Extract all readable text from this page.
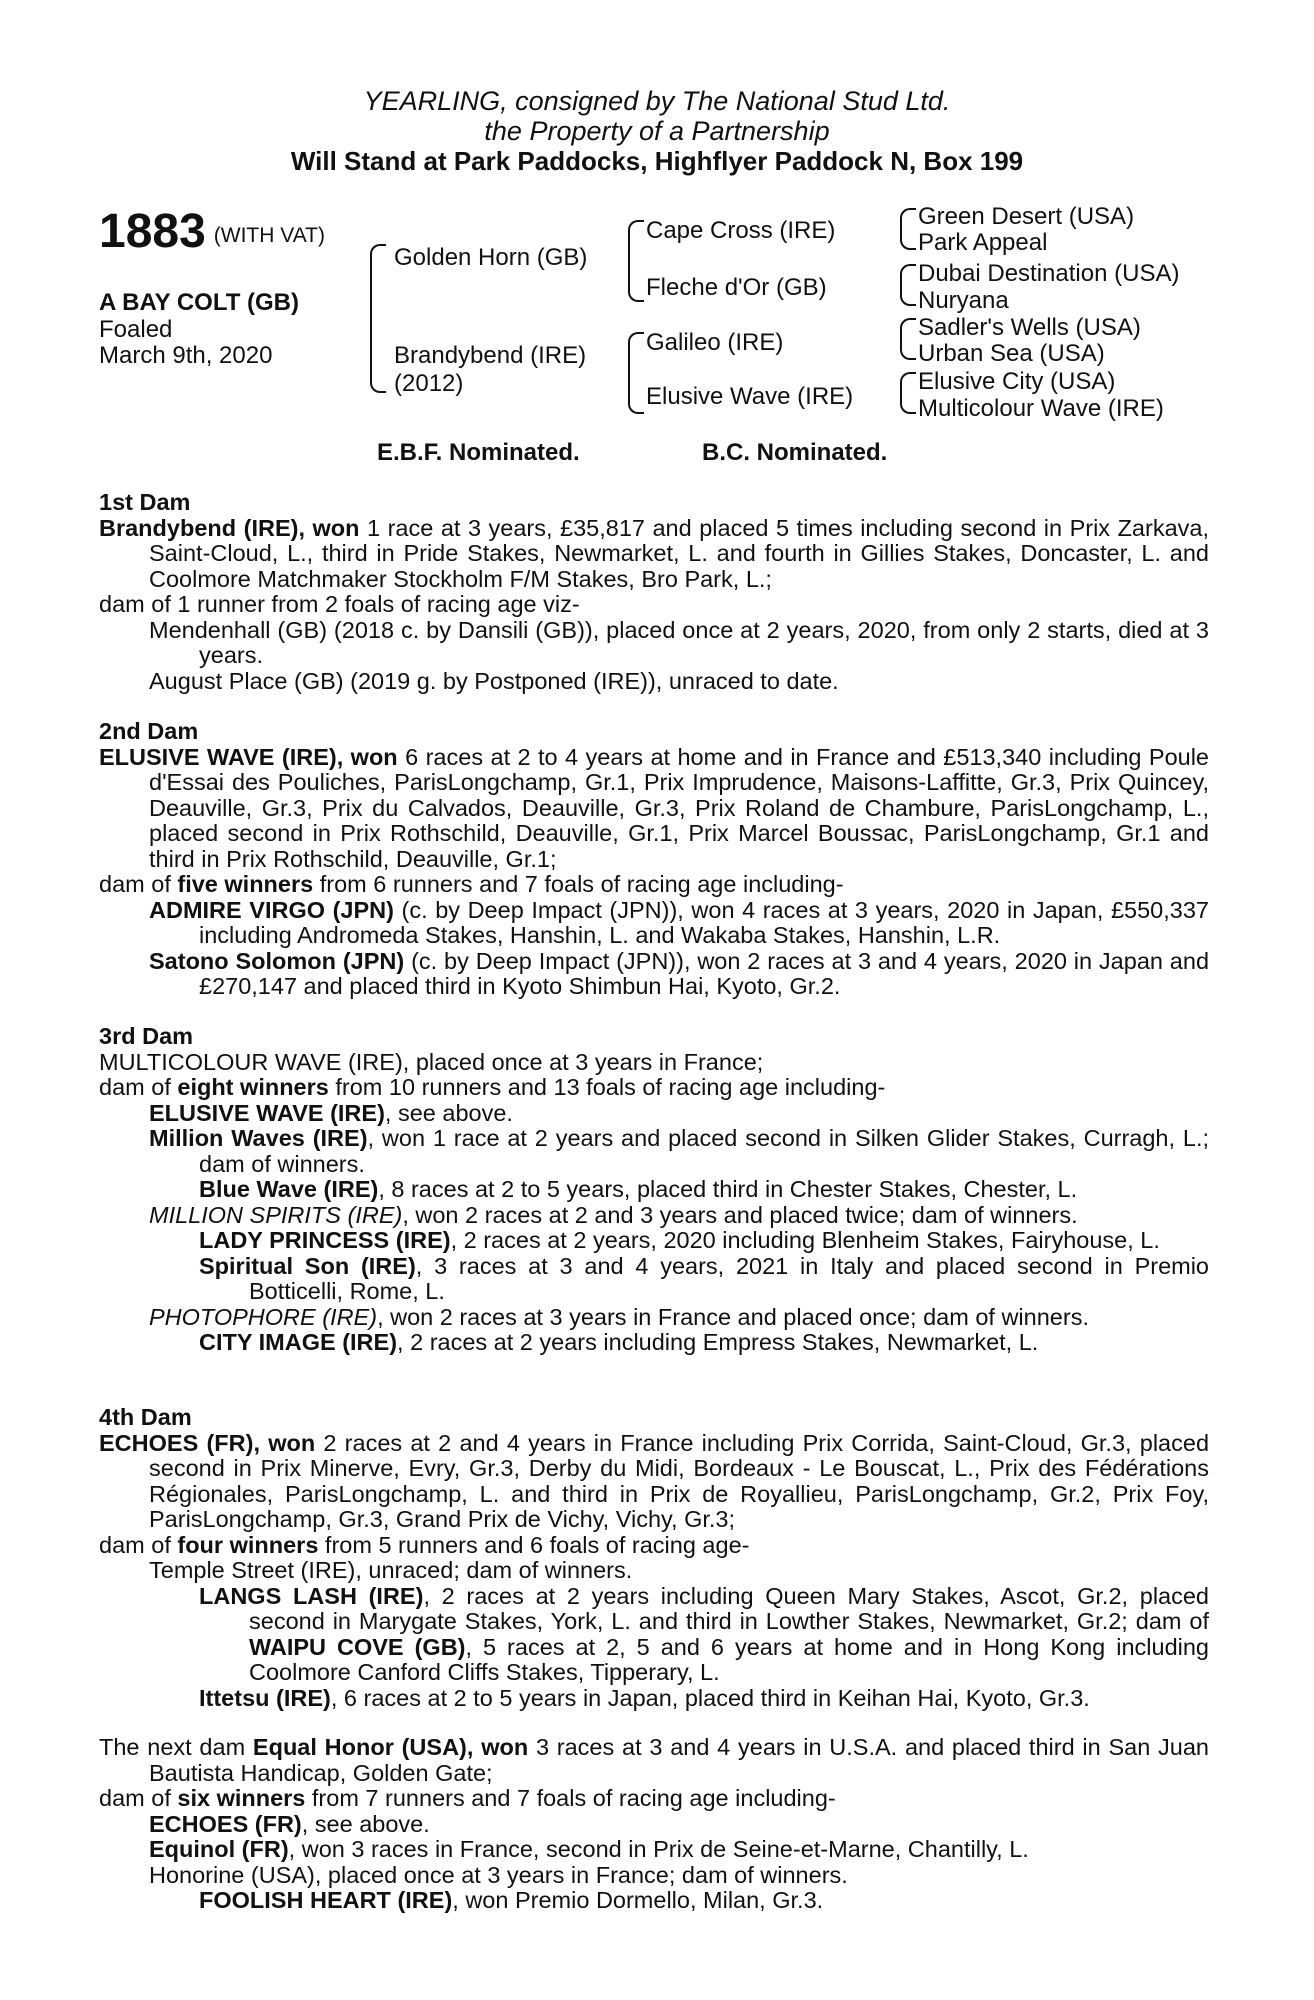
YEARLING, consigned by The National Stud Ltd.
the Property of a Partnership
Will Stand at Park Paddocks, Highflyer Paddock N, Box 199
1883 (WITH VAT)
A BAY COLT (GB)
Foaled
March 9th, 2020
Golden Horn (GB)
Brandybend (IRE)
(2012)
Cape Cross (IRE)
Fleche d'Or (GB)
Galileo (IRE)
Elusive Wave (IRE)
Green Desert (USA)
Park Appeal
Dubai Destination (USA)
Nuryana
Sadler's Wells (USA)
Urban Sea (USA)
Elusive City (USA)
Multicolour Wave (IRE)
E.B.F. Nominated.	B.C. Nominated.
1st Dam

Brandybend (IRE), won 1 race at 3 years, £35,817 and placed 5 times including second in Prix Zarkava, Saint-Cloud, L., third in Pride Stakes, Newmarket, L. and fourth in Gillies Stakes, Doncaster, L. and Coolmore Matchmaker Stockholm F/M Stakes, Bro Park, L.;

dam of 1 runner from 2 foals of racing age viz-

Mendenhall (GB) (2018 c. by Dansili (GB)), placed once at 2 years, 2020, from only 2 starts, died at 3 years.

August Place (GB) (2019 g. by Postponed (IRE)), unraced to date.

2nd Dam

ELUSIVE WAVE (IRE), won 6 races at 2 to 4 years at home and in France and £513,340 including Poule d'Essai des Pouliches, ParisLongchamp, Gr.1, Prix Imprudence, Maisons-Laffitte, Gr.3, Prix Quincey, Deauville, Gr.3, Prix du Calvados, Deauville, Gr.3, Prix Roland de Chambure, ParisLongchamp, L., placed second in Prix Rothschild, Deauville, Gr.1, Prix Marcel Boussac, ParisLongchamp, Gr.1 and third in Prix Rothschild, Deauville, Gr.1;

dam of five winners from 6 runners and 7 foals of racing age including-

ADMIRE VIRGO (JPN) (c. by Deep Impact (JPN)), won 4 races at 3 years, 2020 in Japan, £550,337 including Andromeda Stakes, Hanshin, L. and Wakaba Stakes, Hanshin, L.R.

Satono Solomon (JPN) (c. by Deep Impact (JPN)), won 2 races at 3 and 4 years, 2020 in Japan and £270,147 and placed third in Kyoto Shimbun Hai, Kyoto, Gr.2.

3rd Dam

MULTICOLOUR WAVE (IRE), placed once at 3 years in France;

dam of eight winners from 10 runners and 13 foals of racing age including-

ELUSIVE WAVE (IRE), see above.

Million Waves (IRE), won 1 race at 2 years and placed second in Silken Glider Stakes, Curragh, L.; dam of winners.

Blue Wave (IRE), 8 races at 2 to 5 years, placed third in Chester Stakes, Chester, L.

MILLION SPIRITS (IRE), won 2 races at 2 and 3 years and placed twice; dam of winners.

LADY PRINCESS (IRE), 2 races at 2 years, 2020 including Blenheim Stakes, Fairyhouse, L.

Spiritual Son (IRE), 3 races at 3 and 4 years, 2021 in Italy and placed second in Premio Botticelli, Rome, L.

PHOTOPHORE (IRE), won 2 races at 3 years in France and placed once; dam of winners.

CITY IMAGE (IRE), 2 races at 2 years including Empress Stakes, Newmarket, L.

4th Dam

ECHOES (FR), won 2 races at 2 and 4 years in France including Prix Corrida, Saint-Cloud, Gr.3, placed second in Prix Minerve, Evry, Gr.3, Derby du Midi, Bordeaux - Le Bouscat, L., Prix des Fédérations Régionales, ParisLongchamp, L. and third in Prix de Royallieu, ParisLongchamp, Gr.2, Prix Foy, ParisLongchamp, Gr.3, Grand Prix de Vichy, Vichy, Gr.3;

dam of four winners from 5 runners and 6 foals of racing age-

Temple Street (IRE), unraced; dam of winners.

LANGS LASH (IRE), 2 races at 2 years including Queen Mary Stakes, Ascot, Gr.2, placed second in Marygate Stakes, York, L. and third in Lowther Stakes, Newmarket, Gr.2; dam of WAIPU COVE (GB), 5 races at 2, 5 and 6 years at home and in Hong Kong including Coolmore Canford Cliffs Stakes, Tipperary, L.

Ittetsu (IRE), 6 races at 2 to 5 years in Japan, placed third in Keihan Hai, Kyoto, Gr.3.

The next dam Equal Honor (USA), won 3 races at 3 and 4 years in U.S.A. and placed third in San Juan Bautista Handicap, Golden Gate;

dam of six winners from 7 runners and 7 foals of racing age including-

ECHOES (FR), see above.

Equinol (FR), won 3 races in France, second in Prix de Seine-et-Marne, Chantilly, L.

Honorine (USA), placed once at 3 years in France; dam of winners.

FOOLISH HEART (IRE), won Premio Dormello, Milan, Gr.3.
